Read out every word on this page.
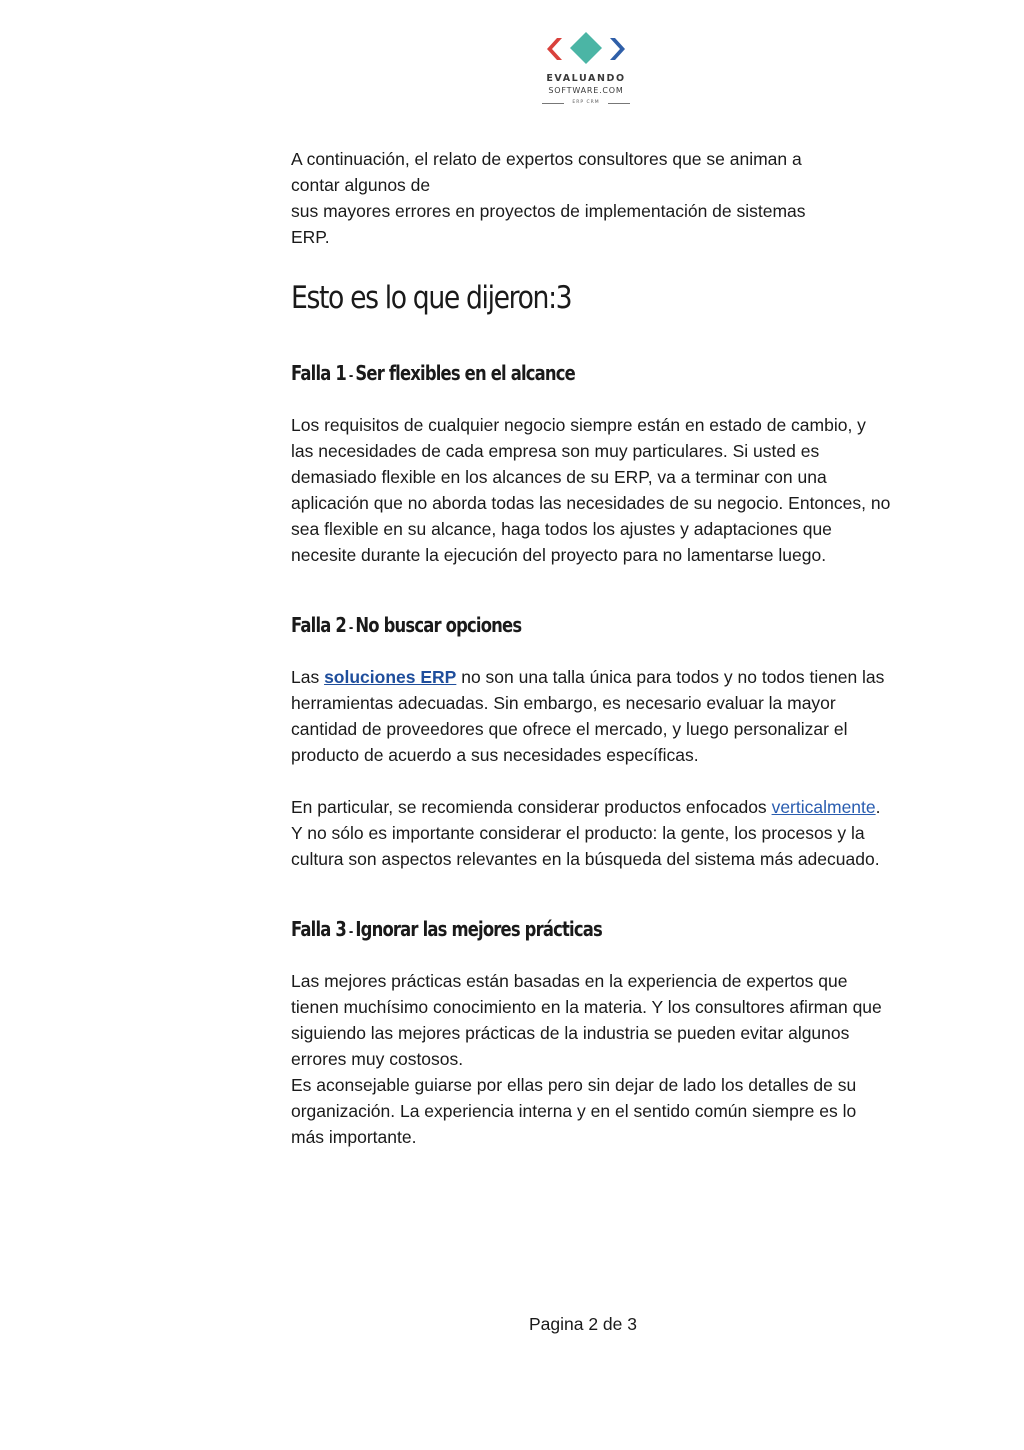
EVALUANDO
SOFTWARE.COM
ERP CRM

A continuación, el relato de expertos consultores que se animan a
contar algunos de
sus mayores errores en proyectos de implementación de sistemas
ERP.

Esto es lo que dijeron:3
Falla 1 - Ser flexibles en el alcance

Los requisitos de cualquier negocio siempre están en estado de cambio, y las necesidades de cada empresa son muy particulares. Si usted es demasiado flexible en los alcances de su ERP, va a terminar con una aplicación que no aborda todas las necesidades de su negocio. Entonces, no sea flexible en su alcance, haga todos los ajustes y adaptaciones que necesite durante la ejecución del proyecto para no lamentarse luego.

Falla 2 - No buscar opciones

Las soluciones ERP no son una talla única para todos y no todos tienen las herramientas adecuadas. Sin embargo, es necesario evaluar la mayor cantidad de proveedores que ofrece el mercado, y luego personalizar el producto de acuerdo a sus necesidades específicas.

En particular, se recomienda considerar productos enfocados verticalmente. Y no sólo es importante considerar el producto: la gente, los procesos y la cultura son aspectos relevantes en la búsqueda del sistema más adecuado.

Falla 3 - Ignorar las mejores prácticas

Las mejores prácticas están basadas en la experiencia de expertos que tienen muchísimo conocimiento en la materia. Y los consultores afirman que siguiendo las mejores prácticas de la industria se pueden evitar algunos errores muy costosos.

Es aconsejable guiarse por ellas pero sin dejar de lado los detalles de su organización. La experiencia interna y en el sentido común siempre es lo más importante.

Pagina 2 de 3
